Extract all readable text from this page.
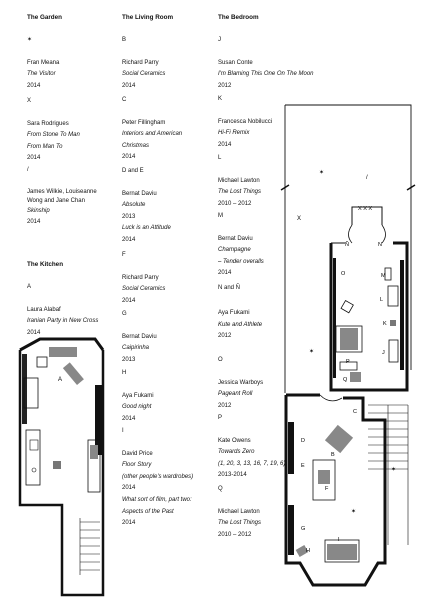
The Garden
✶
Fran Meana
The Visitor
2014
X
Sara Rodrigues
From Stone To Man
From Man To
2014
/
James Wilkie, Louiseanne
Wong and Jane Chan
Skinship
2014
The Kitchen
A
Laura Alabaf
Iranian Party in New Cross
2014
The Living Room
B
Richard Parry
Social Ceramics
2014
C
Peter Fillingham
Interiors and American
Christmas
2014
D and E
Bernat Daviu
Absolute
2013
Luck is an Attitude
2014
F
Richard Parry
Social Ceramics
2014
G
Bernat Daviu
Caipirinha
2013
H
Aya Fukami
Good night
2014
I
David Price
Floor Story
(other people's wardrobes)
2014
What sort of film, part two:
Aspects of the Past
2014
The Bedroom
J
Susan Conte
I'm Blaming This One On The Moon
2012
K
Francesca Nobilucci
Hi-Fi Remix
2014
L
Michael Lawton
The Lost Things
2010 – 2012
M
Bernat Daviu
Champagne
– Tender overalls
2014
N and Ñ
Aya Fukami
Kute and Athlete
2012
O
Jessica Warboys
Pageant Roll
2012
P
Kate Owens
Towards Zero
(1, 20, 3, 13, 16, 7, 19, 6)
2013-2014
Q
Michael Lawton
The Lost Things
2010 – 2012
A
✶
/
X
X X X
Ñ	N
O	M
L
K
J
✶
P
Q
C
✶
D
E
B
F
✶
G
H
I
